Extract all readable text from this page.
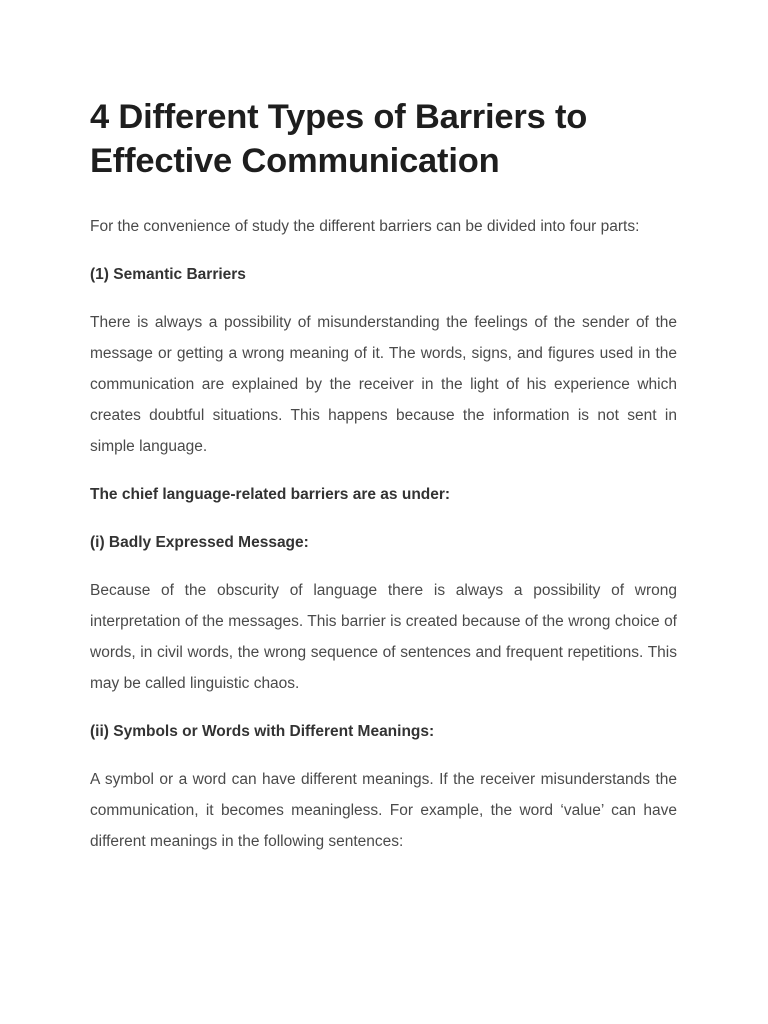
4 Different Types of Barriers to Effective Communication

For the convenience of study the different barriers can be divided into four parts:

(1) Semantic Barriers

There is always a possibility of misunderstanding the feelings of the sender of the message or getting a wrong meaning of it. The words, signs, and figures used in the communication are explained by the receiver in the light of his experience which creates doubtful situations. This happens because the information is not sent in simple language.

The chief language-related barriers are as under:
(i) Badly Expressed Message:

Because of the obscurity of language there is always a possibility of wrong interpretation of the messages. This barrier is created because of the wrong choice of words, in civil words, the wrong sequence of sentences and frequent repetitions. This may be called linguistic chaos.

(ii) Symbols or Words with Different Meanings:

A symbol or a word can have different meanings. If the receiver misunderstands the communication, it becomes meaningless. For example, the word ‘value’ can have different meanings in the following sentences:
